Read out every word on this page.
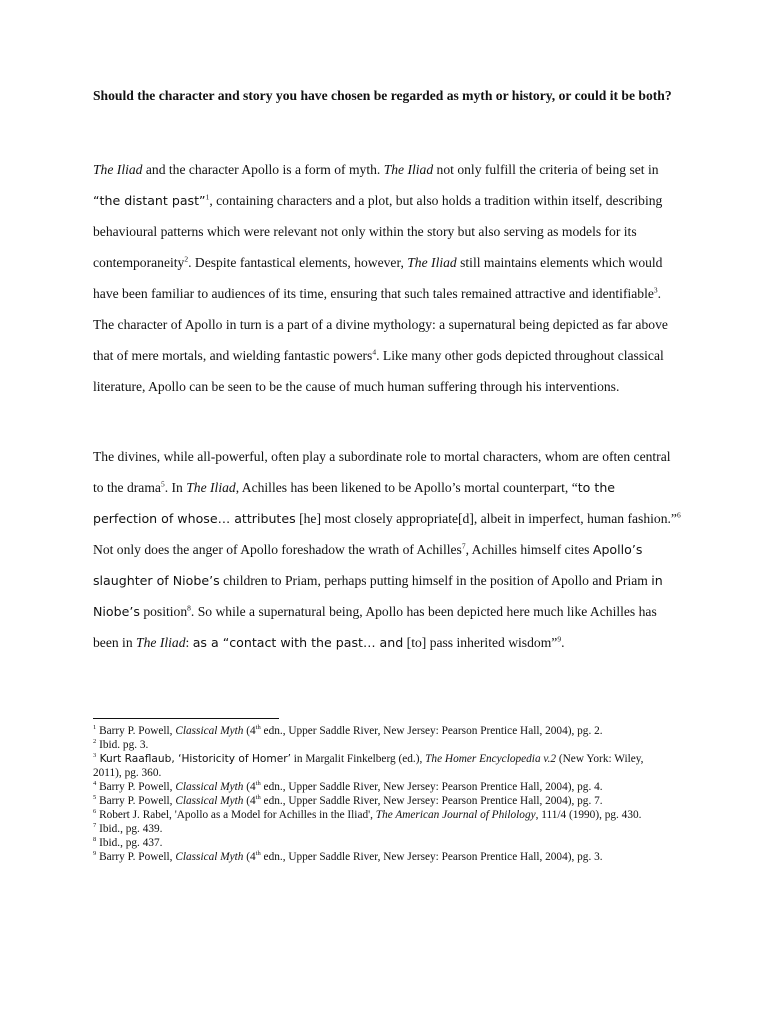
Should the character and story you have chosen be regarded as myth or history, or could it be both?

The Iliad and the character Apollo is a form of myth. The Iliad not only fulfill the criteria of being set in “the distant past”$^1$, containing characters and a plot, but also holds a tradition within itself, describing behavioural patterns which were relevant not only within the story but also serving as models for its contemporaneity$^2$. Despite fantastical elements, however, The Iliad still maintains elements which would have been familiar to audiences of its time, ensuring that such tales remained attractive and identifiable$^3$. The character of Apollo in turn is a part of a divine mythology: a supernatural being depicted as far above that of mere mortals, and wielding fantastic powers$^4$. Like many other gods depicted throughout classical literature, Apollo can be seen to be the cause of much human suffering through his interventions.

The divines, while all-powerful, often play a subordinate role to mortal characters, whom are often central to the drama$^5$. In The Iliad, Achilles has been likened to be Apollo’s mortal counterpart, “to the perfection of whose… attributes [he] most closely appropriate[d], albeit in imperfect, human fashion.”$^6$ Not only does the anger of Apollo foreshadow the wrath of Achilles$^7$, Achilles himself cites Apollo’s slaughter of Niobe’s children to Priam, perhaps putting himself in the position of Apollo and Priam in Niobe’s position$^8$. So while a supernatural being, Apollo has been depicted here much like Achilles has been in The Iliad: as a “contact with the past… and [to] pass inherited wisdom”$^9$.

$^1$ Barry P. Powell, Classical Myth (4th edn., Upper Saddle River, New Jersey: Pearson Prentice Hall, 2004), pg. 2.

$^2$ Ibid. pg. 3.

$^3$ Kurt Raaflaub, ‘Historicity of Homer’ in Margalit Finkelberg (ed.), The Homer Encyclopedia v.2 (New York: Wiley, 2011), pg. 360.

$^4$ Barry P. Powell, Classical Myth (4th edn., Upper Saddle River, New Jersey: Pearson Prentice Hall, 2004), pg. 4.

$^5$ Barry P. Powell, Classical Myth (4th edn., Upper Saddle River, New Jersey: Pearson Prentice Hall, 2004), pg. 7.

$^6$ Robert J. Rabel, 'Apollo as a Model for Achilles in the Iliad', The American Journal of Philology, 111/4 (1990), pg. 430.

$^7$ Ibid., pg. 439.

$^8$ Ibid., pg. 437.

$^9$ Barry P. Powell, Classical Myth (4th edn., Upper Saddle River, New Jersey: Pearson Prentice Hall, 2004), pg. 3.
